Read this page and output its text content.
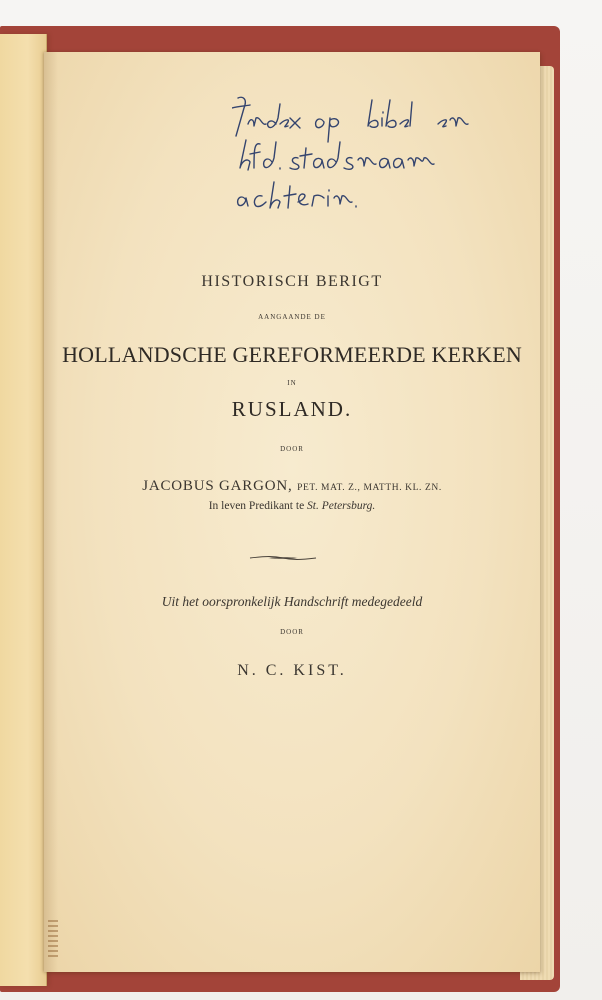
HISTORISCH BERIGT
AANGAANDE DE
HOLLANDSCHE GEREFORMEERDE KERKEN
IN
RUSLAND.
DOOR
JACOBUS GARGON, PET. MAT. Z., MATTH. KL. ZN.
In leven Predikant te St. Petersburg.
Uit het oorspronkelijk Handschrift medegedeeld
DOOR
N. C. KIST.
